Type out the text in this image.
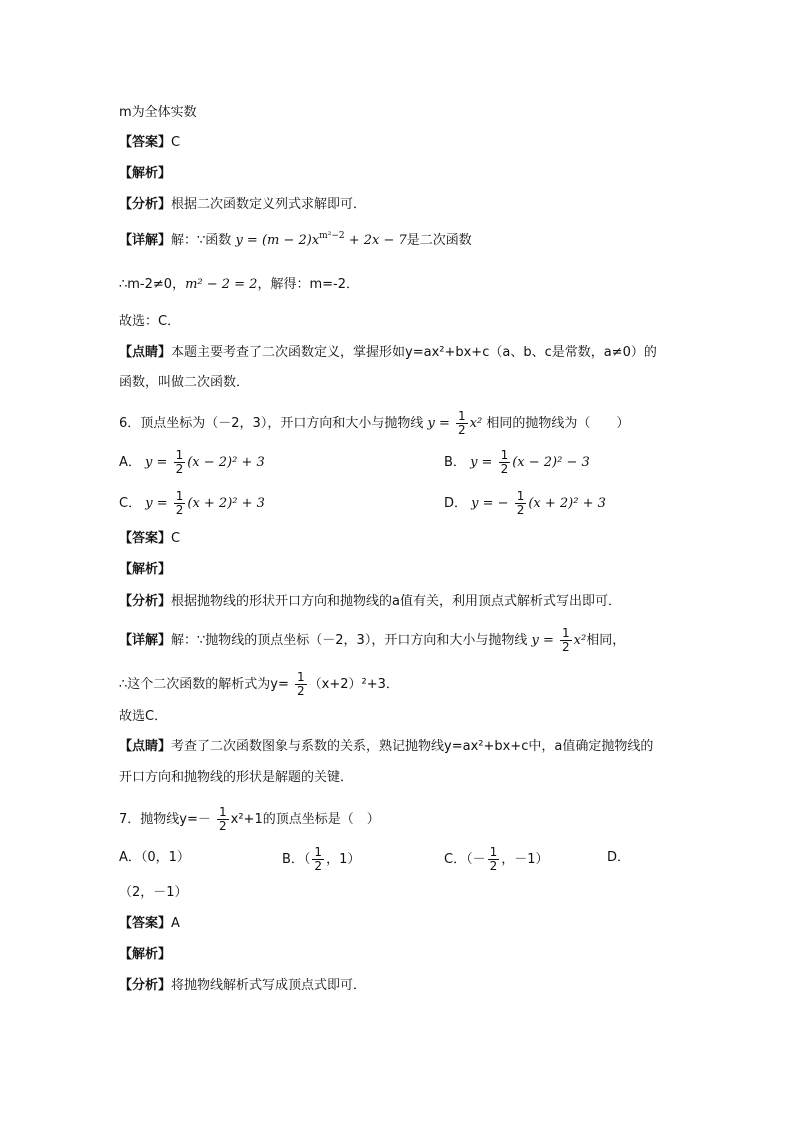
m为全体实数
【答案】C
【解析】
【分析】根据二次函数定义列式求解即可．
【详解】解：∵函数 $y = (m - 2)x^{m^2-2} + 2x - 7$是二次函数
∴m-2≠0，m² − 2 = 2，解得：m=-2．
故选：C．
【点睛】本题主要考查了二次函数定义，掌握形如y=ax²+bx+c（a、b、c是常数，a≠0）的
函数，叫做二次函数．
6．顶点坐标为（－2，3），开口方向和大小与抛物线 $y = \frac{1}{2} x^2$ 相同的抛物线为（　　）
A． $y = \frac{1}{2} (x - 2)^2 + 3$	B． $y = \frac{1}{2} (x - 2)^2 - 3$
C． $y = \frac{1}{2} (x + 2)^2 + 3$	D． y = − $\frac{1}{2} (x + 2)^2 + 3$
【答案】C
【解析】
【分析】根据抛物线的形状开口方向和抛物线的a值有关，利用顶点式解析式写出即可．
【详解】解：∵抛物线的顶点坐标（－2，3），开口方向和大小与抛物线 $y = \frac{1}{2} x^2$相同，
∴这个二次函数的解析式为$y= \frac{1}{2} (x+2)^2+3$．
故选C．
【点睛】考查了二次函数图象与系数的关系，熟记抛物线y=ax²+bx+c中，a值确定抛物线的
开口方向和抛物线的形状是解题的关键．
7．抛物线$y=- \frac{1}{2} x^2+1$的顶点坐标是（　）
A．（0，1）	B．（ $\frac{1}{2}$ ，1）	C．（－ $\frac{1}{2}$ ，－1）	D．
（2，－1）
【答案】A
【解析】
【分析】将抛物线解析式写成顶点式即可．
